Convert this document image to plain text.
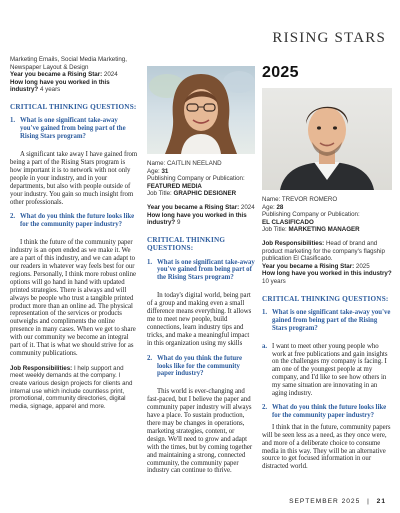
RISING STARS
Marketing Emails, Social Media Marketing, Newspaper Layout & Design
Year you became a Rising Star: 2024
How long have you worked in this industry? 4 years
CRITICAL THINKING QUESTIONS:
1. What is one significant take-away you've gained from being part of the Rising Stars program?
A significant take away I have gained from being a part of the Rising Stars program is how important it is to network with not only people in your industry, and in your departments, but also with people outside of your industry. You gain so much insight from other professionals.
2. What do you think the future looks like for the community paper industry?
I think the future of the community paper industry is an open ended as we make it. We are a part of this industry, and we can adapt to our readers in whatever way feels best for our regions. Personally, I think more robust online options will go hand in hand with updated printed strategies. There is always and will always be people who trust a tangible printed product more than an online ad. The physical representation of the services or products outweighs and compliments the online presence in many cases. When we get to share with our community we become an integral part of it. That is what we should strive for as community publications.
Job Responsibilities: I help support and meet weekly demands at the company. I create various design projects for clients and internal use which include countless print, promotional, community directories, digital media, signage, apparel and more.
Name: CAITLIN NEELAND
Age: 31
Publishing Company or Publication:
FEATURED MEDIA
Job Title: GRAPHIC DESIGNER
Year you became a Rising Star: 2024
How long have you worked in this industry? 9
CRITICAL THINKING QUESTIONS:
1. What is one significant take-away you've gained from being part of the Rising Stars program?
In today's digital world, being part of a group and making even a small difference means everything. It allows me to meet new people, build connections, learn industry tips and tricks, and make a meaningful impact in this organization using my skills
2. What do you think the future looks like for the community paper industry?
This world is ever-changing and fast-paced, but I believe the paper and community paper industry will always have a place. To sustain production, there may be changes in operations, marketing strategies, content, or design. We'll need to grow and adapt with the times, but by coming together and maintaining a strong, connected community, the community paper industry can continue to thrive.
2025
Name: TREVOR ROMERO
Age: 28
Publishing Company or Publication:
EL CLASIFICADO
Job Title: MARKETING MANAGER
Job Responsibilities: Head of brand and product marketing for the company's flagship publication El Clasificado.
Year you became a Rising Star: 2025
How long have you worked in this industry? 10 years
CRITICAL THINKING QUESTIONS:
1. What is one significant take-away you've gained from being part of the Rising Stars program?
a. I want to meet other young people who work at free publications and gain insights on the challenges my company is facing. I am one of the youngest people at my company, and I'd like to see how others in my same situation are innovating in an aging industry.
2. What do you think the future looks like for the community paper industry?
I think that in the future, community papers will be seen less as a need, as they once were, and more of a deliberate choice to consume media in this way. They will be an alternative source to get focused information in our distracted world.
SEPTEMBER 2025 | 21
